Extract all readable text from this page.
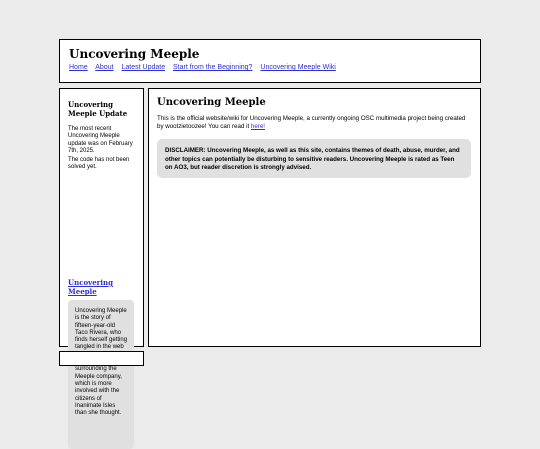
Uncovering Meeple
Home About Latest Update Start from the Beginning? Uncovering Meeple Wiki
Uncovering Meeple Update

The most recent Uncovering Meeple update was on February 7th, 2025.

The code has not been solved yet.

Uncovering Meeple
Uncovering Meeple is the story of fifteen-year-old Taco Rivera, who finds herself getting tangled in the web surrounding the Meeple company, which is more involved with the citizens of Inanimate Isles than she thought.
Uncovering Meeple

This is the official website/wiki for Uncovering Meeple, a currently ongoing OSC multimedia project being created by wootzietoozee! You can read it here!

DISCLAIMER: Uncovering Meeple, as well as this site, contains themes of death, abuse, murder, and other topics can potentially be disturbing to sensitive readers. Uncovering Meeple is rated as Teen on AO3, but reader discretion is strongly advised.
